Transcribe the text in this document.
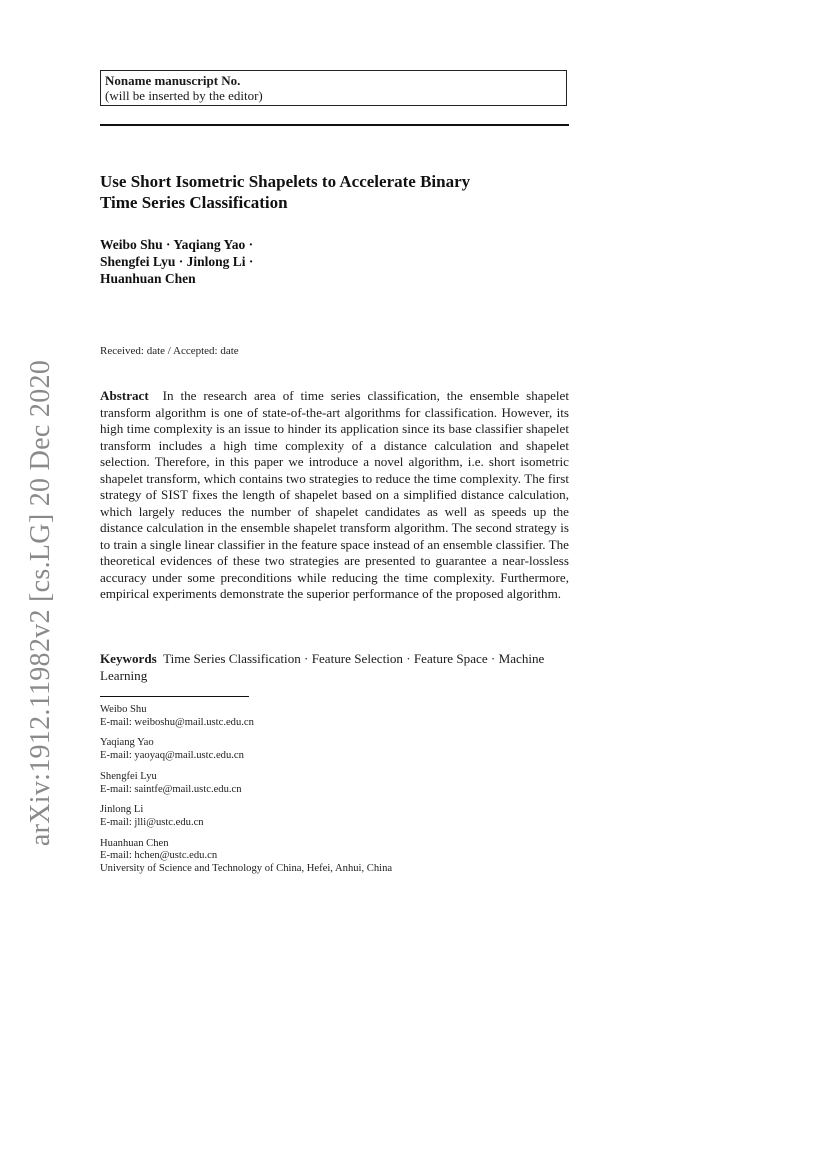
arXiv:1912.11982v2 [cs.LG] 20 Dec 2020
Noname manuscript No.
(will be inserted by the editor)
Use Short Isometric Shapelets to Accelerate Binary
Time Series Classification
Weibo Shu · Yaqiang Yao ·
Shengfei Lyu · Jinlong Li ·
Huanhuan Chen
Received: date / Accepted: date
Abstract In the research area of time series classification, the ensemble shapelet transform algorithm is one of state-of-the-art algorithms for classification. However, its high time complexity is an issue to hinder its application since its base classifier shapelet transform includes a high time complexity of a distance calculation and shapelet selection. Therefore, in this paper we introduce a novel algorithm, i.e. short isometric shapelet transform, which contains two strategies to reduce the time complexity. The first strategy of SIST fixes the length of shapelet based on a simplified distance calculation, which largely reduces the number of shapelet candidates as well as speeds up the distance calculation in the ensemble shapelet transform algorithm. The second strategy is to train a single linear classifier in the feature space instead of an ensemble classifier. The theoretical evidences of these two strategies are presented to guarantee a near-lossless accuracy under some preconditions while reducing the time complexity. Furthermore, empirical experiments demonstrate the superior performance of the proposed algorithm.
Keywords Time Series Classification · Feature Selection · Feature Space · Machine Learning
Weibo Shu
E-mail: weiboshu@mail.ustc.edu.cn
Yaqiang Yao
E-mail: yaoyaq@mail.ustc.edu.cn
Shengfei Lyu
E-mail: saintfe@mail.ustc.edu.cn
Jinlong Li
E-mail: jlli@ustc.edu.cn
Huanhuan Chen
E-mail: hchen@ustc.edu.cn
University of Science and Technology of China, Hefei, Anhui, China
